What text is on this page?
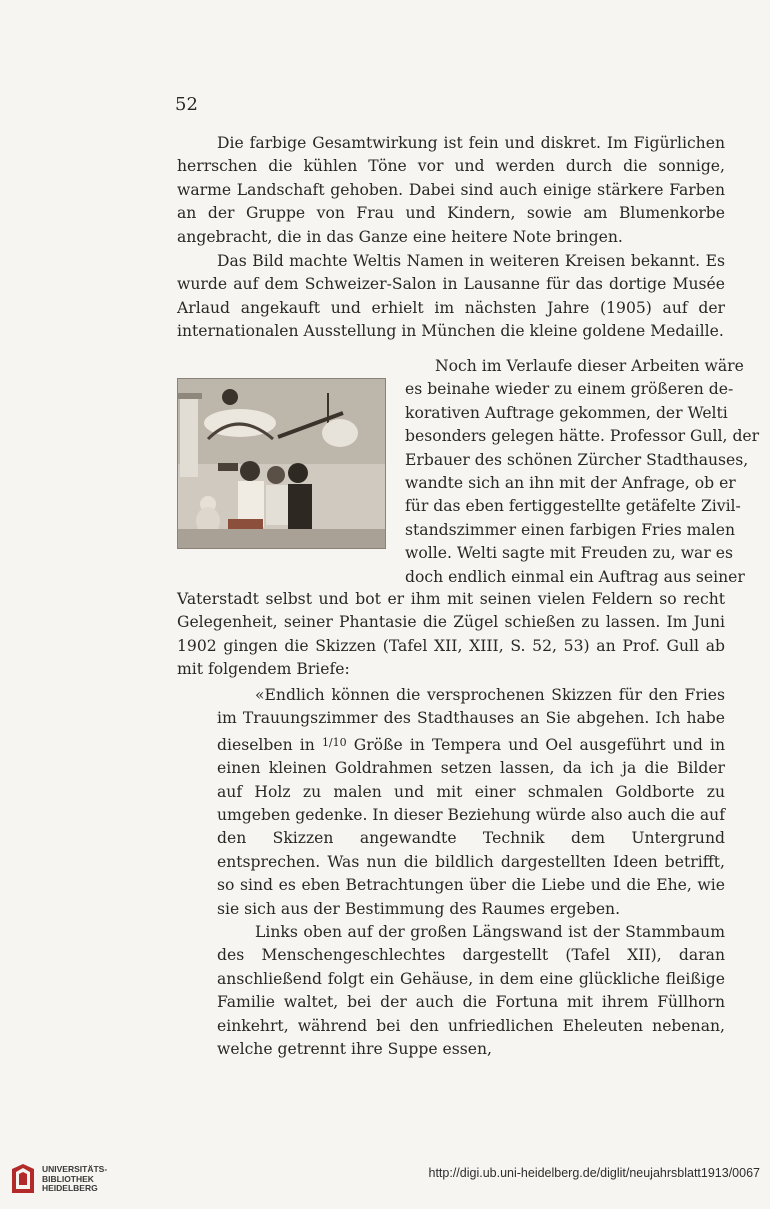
52

Die farbige Gesamtwirkung ist fein und diskret. Im Figürlichen herrschen die kühlen Töne vor und werden durch die sonnige, warme Landschaft gehoben. Dabei sind auch einige stärkere Farben an der Gruppe von Frau und Kindern, sowie am Blumenkorbe angebracht, die in das Ganze eine heitere Note bringen.

Das Bild machte Weltis Namen in weiteren Kreisen bekannt. Es wurde auf dem Schweizer-Salon in Lausanne für das dortige Musée Arlaud angekauft und erhielt im nächsten Jahre (1905) auf der internationalen Ausstellung in München die kleine goldene Medaille.

Noch im Verlaufe dieser Arbeiten wäre
es beinahe wieder zu einem größeren de-
korativen Auftrage gekommen, der Welti
besonders gelegen hätte. Professor Gull, der
Erbauer des schönen Zürcher Stadthauses,
wandte sich an ihn mit der Anfrage, ob er
für das eben fertiggestellte getäfelte Zivil-
standszimmer einen farbigen Fries malen
wolle. Welti sagte mit Freuden zu, war es
doch endlich einmal ein Auftrag aus seiner

Vaterstadt selbst und bot er ihm mit seinen vielen Feldern so recht Gelegenheit, seiner Phantasie die Zügel schießen zu lassen. Im Juni 1902 gingen die Skizzen (Tafel XII, XIII, S. 52, 53) an Prof. Gull ab mit folgendem Briefe:

«Endlich können die versprochenen Skizzen für den Fries im Trauungszimmer des Stadthauses an Sie abgehen. Ich habe dieselben in $^{1/10}$ Größe in Tempera und Oel ausgeführt und in einen kleinen Goldrahmen setzen lassen, da ich ja die Bilder auf Holz zu malen und mit einer schmalen Goldborte zu umgeben gedenke. In dieser Beziehung würde also auch die auf den Skizzen angewandte Technik dem Untergrund entsprechen. Was nun die bildlich dargestellten Ideen betrifft, so sind es eben Betrachtungen über die Liebe und die Ehe, wie sie sich aus der Bestimmung des Raumes ergeben.

Links oben auf der großen Längswand ist der Stammbaum des Menschengeschlechtes dargestellt (Tafel XII), daran anschließend folgt ein Gehäuse, in dem eine glückliche fleißige Familie waltet, bei der auch die Fortuna mit ihrem Füllhorn einkehrt, während bei den unfriedlichen Eheleuten nebenan, welche getrennt ihre Suppe essen,

UNIVERSITÄTS-
BIBLIOTHEK
HEIDELBERG
http://digi.ub.uni-heidelberg.de/diglit/neujahrsblatt1913/0067
